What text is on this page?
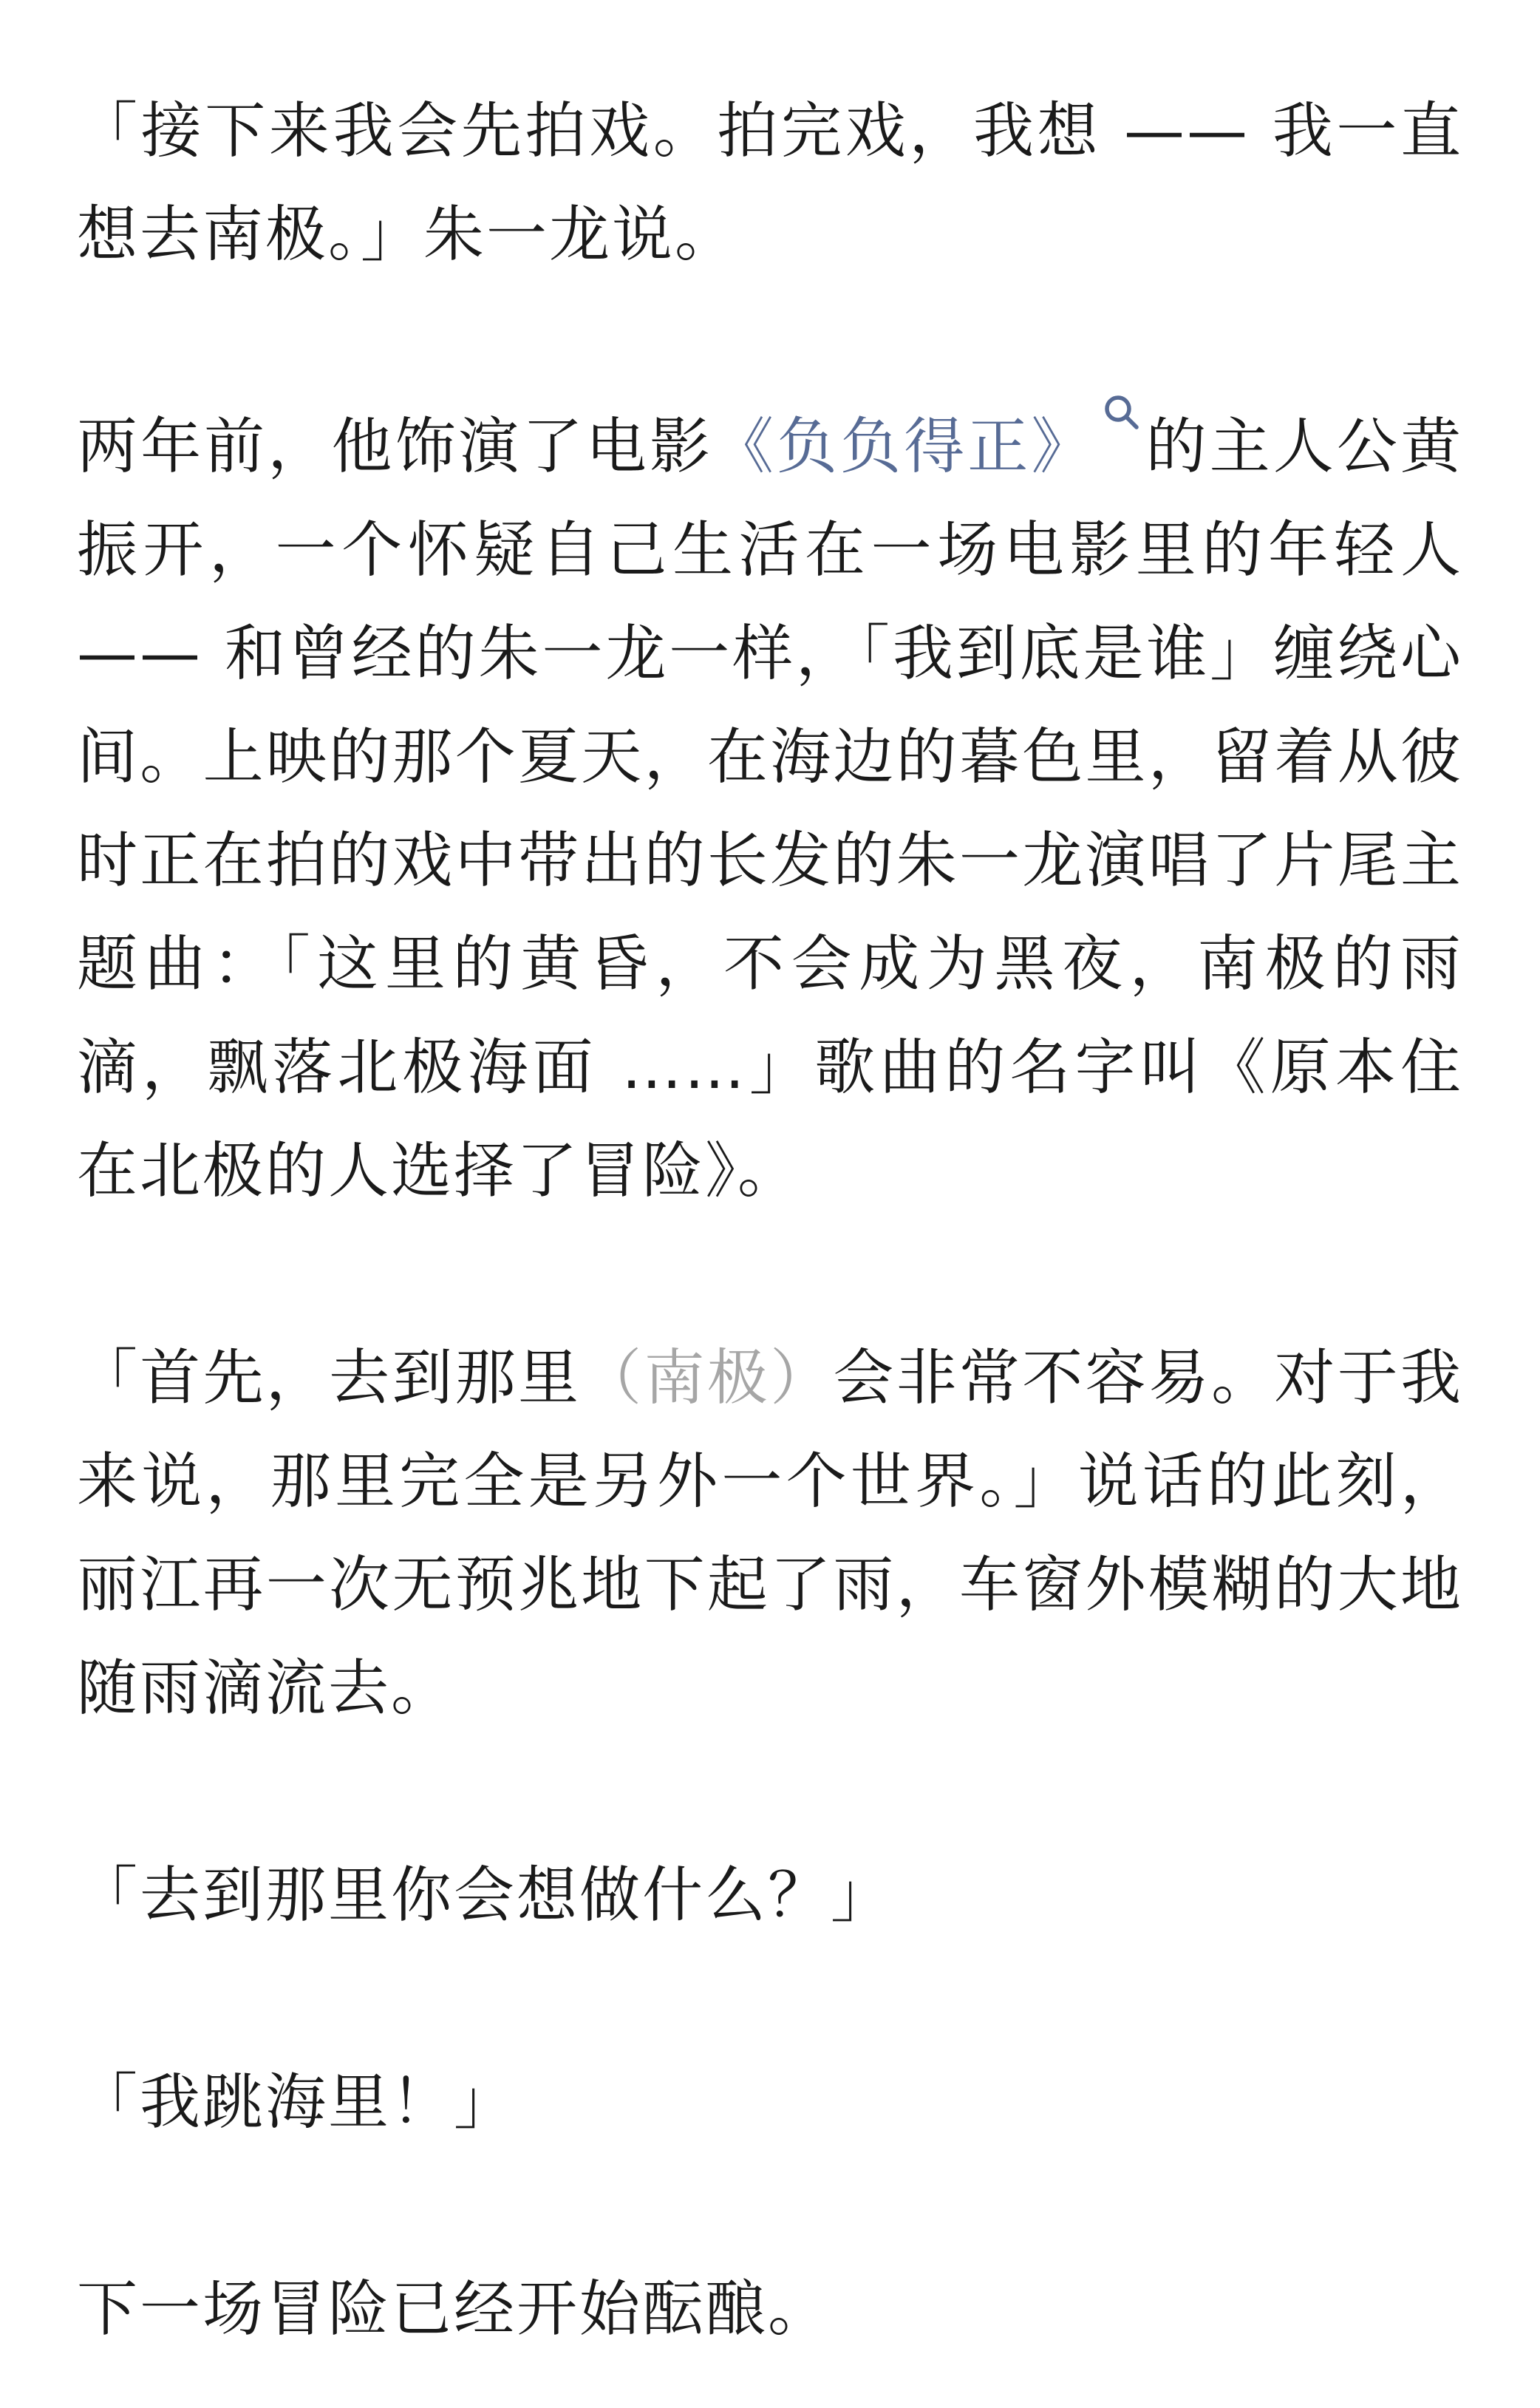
「接下来我会先拍戏。拍完戏，我想 —— 我一直想去南极。」朱一龙说。

两年前，他饰演了电影《负负得正》 的主人公黄振开，一个怀疑自己生活在一场电影里的年轻人 —— 和曾经的朱一龙一样，「我到底是谁」缠绕心间。上映的那个夏天，在海边的暮色里，留着从彼时正在拍的戏中带出的长发的朱一龙演唱了片尾主题曲：「这里的黄昏，不会成为黑夜，南极的雨滴，飘落北极海面 ……」歌曲的名字叫《原本住在北极的人选择了冒险》。

「首先，去到那里（南极）会非常不容易。对于我来说，那里完全是另外一个世界。」说话的此刻，丽江再一次无预兆地下起了雨，车窗外模糊的大地随雨滴流去。

「去到那里你会想做什么？」

「我跳海里！」

下一场冒险已经开始酝酿。
